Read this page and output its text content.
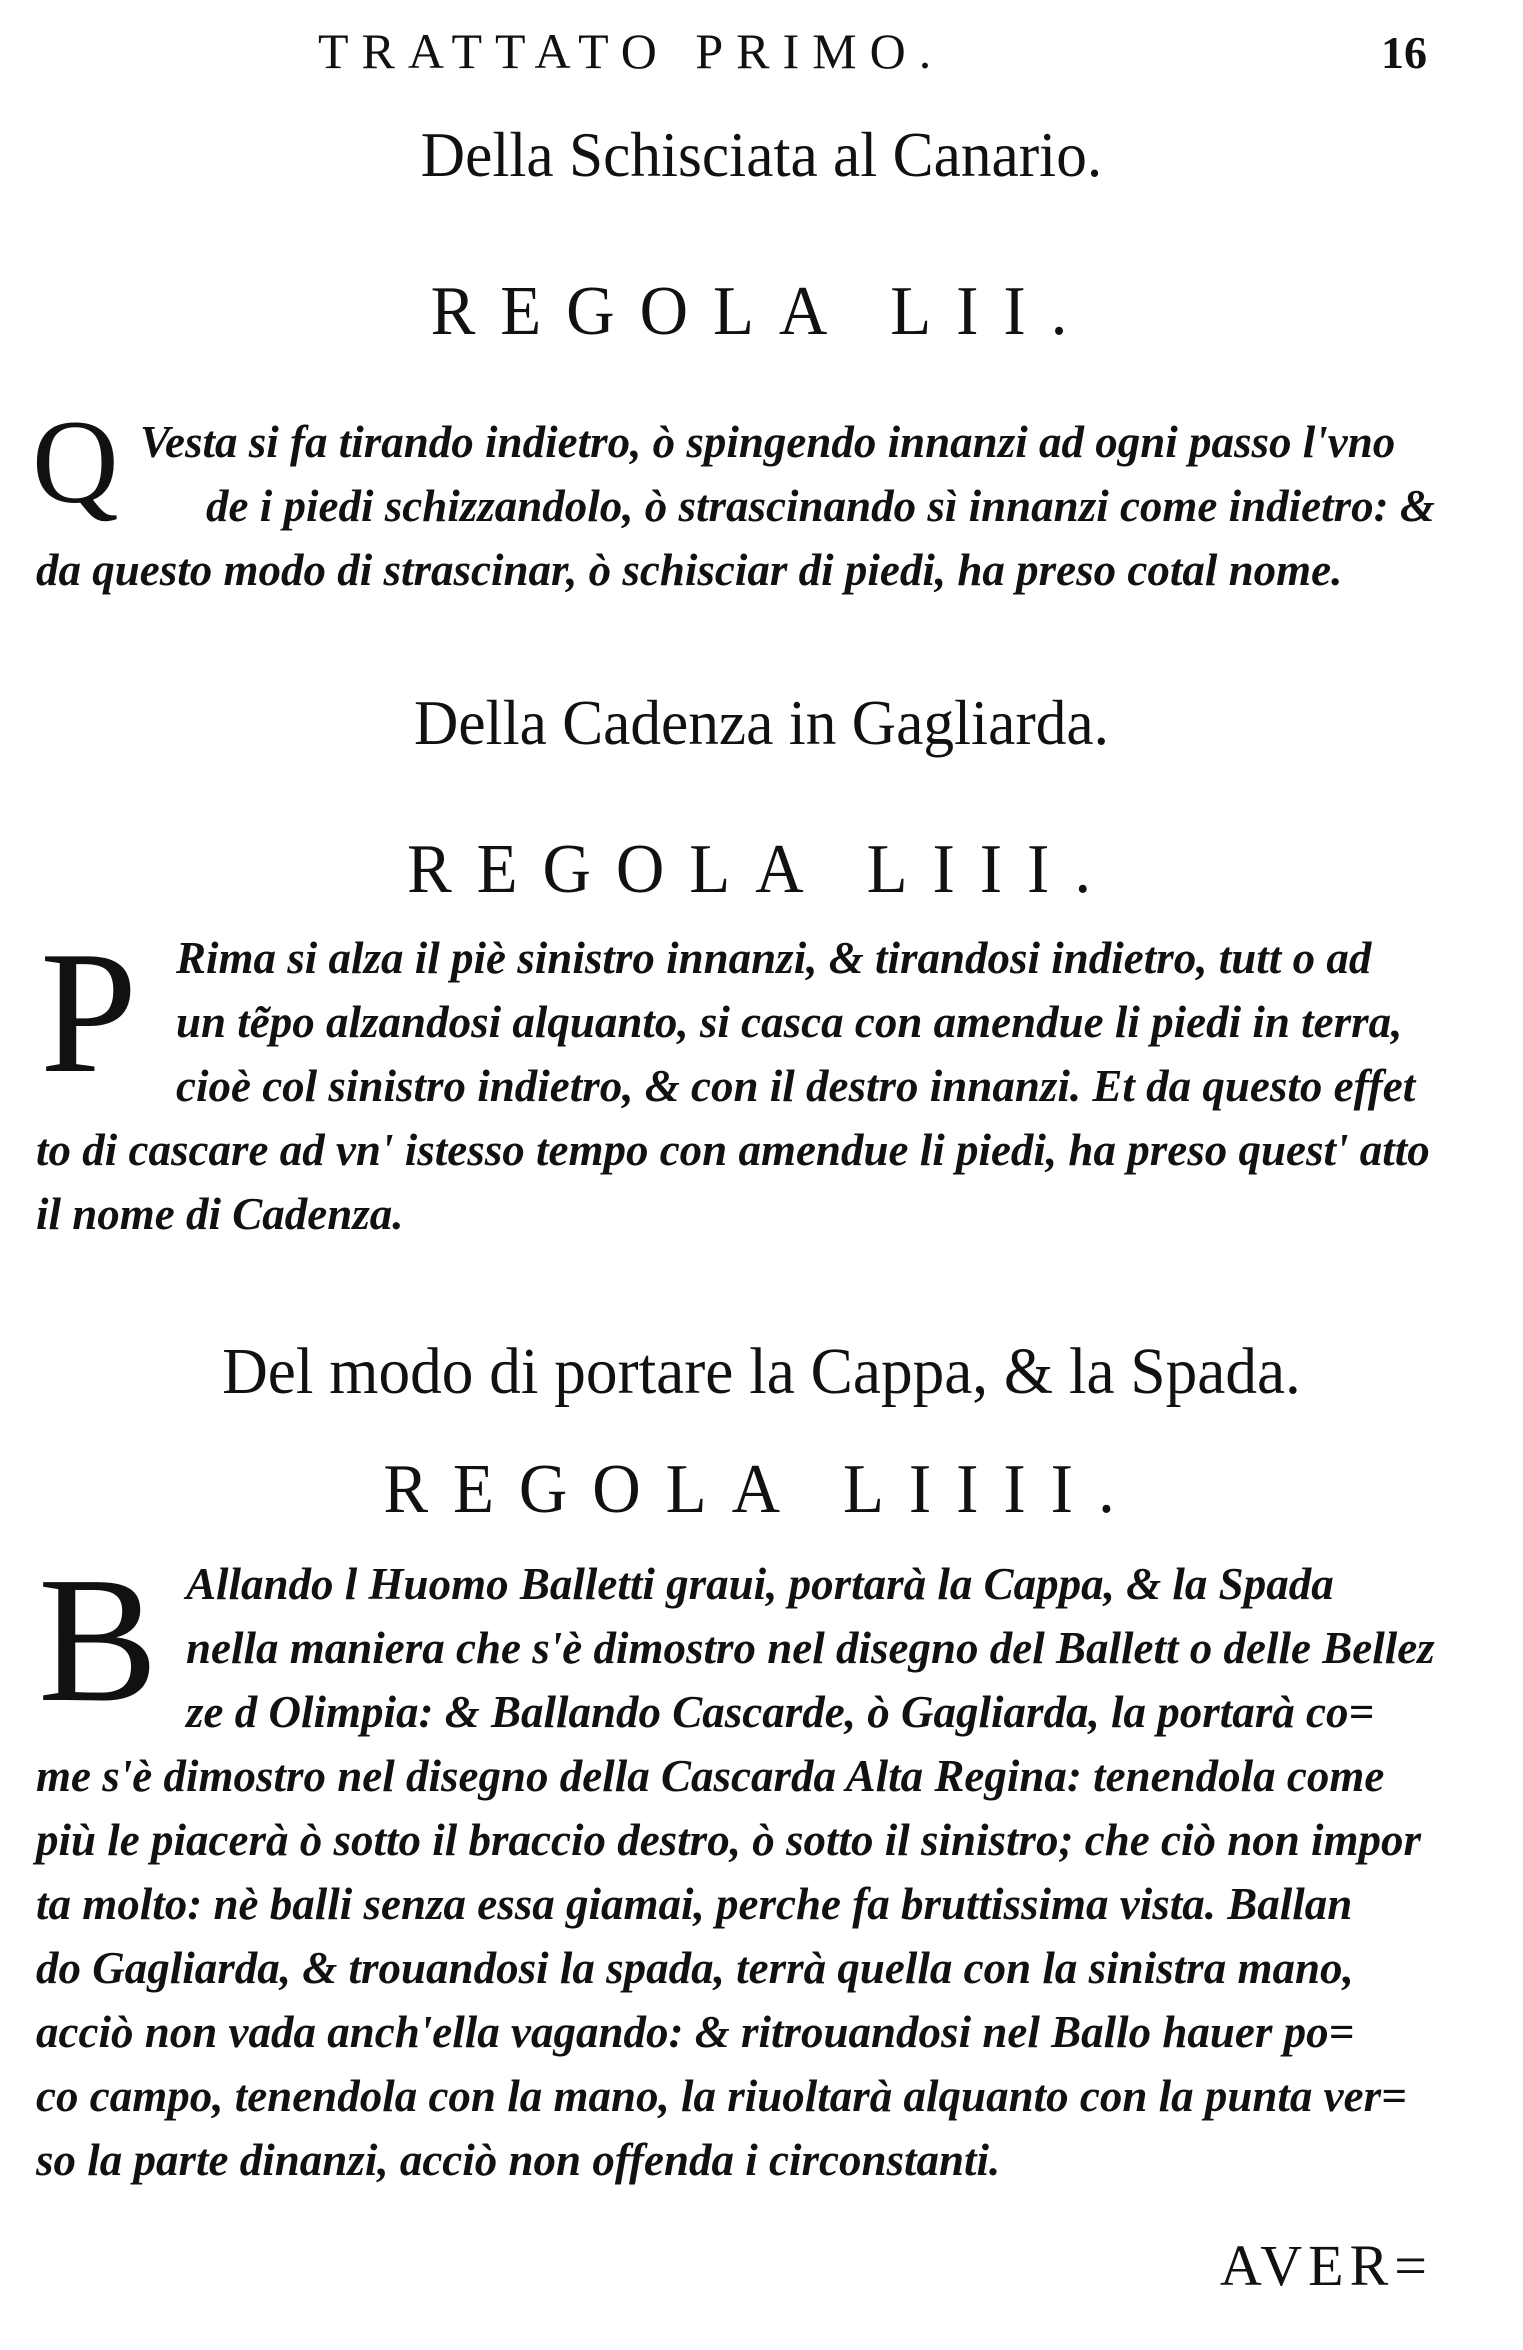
TRATTATO PRIMO.	16
Della Schisciata al Canario.
REGOLA LII.
Q Vesta si fa tirando indietro, ò spingendo innanzi ad ogni passo l'vno
de i piedi schizzandolo, ò strascinando sì innanzi come indietro: &
da questo modo di strascinar, ò schisciar di piedi, ha preso cotal nome.
Della Cadenza in Gagliarda.
REGOLA LIII.
P Rima si alza il piè sinistro innanzi, & tirandosi indietro, tutt o ad
un tẽpo alzandosi alquanto, si casca con amendue li piedi in terra,
cioè col sinistro indietro, & con il destro innanzi. Et da questo effet
to di cascare ad vn' istesso tempo con amendue li piedi, ha preso quest' atto
il nome di Cadenza.
Del modo di portare la Cappa, & la Spada.
REGOLA LIIII.
B Allando l Huomo Balletti graui, portarà la Cappa, & la Spada
nella maniera che s'è dimostro nel disegno del Ballett o delle Bellez
ze d Olimpia: & Ballando Cascarde, ò Gagliarda, la portarà co=
me s'è dimostro nel disegno della Cascarda Alta Regina: tenendola come
più le piacerà ò sotto il braccio destro, ò sotto il sinistro; che ciò non impor
ta molto: nè balli senza essa giamai, perche fa bruttissima vista. Ballan
do Gagliarda, & trouandosi la spada, terrà quella con la sinistra mano,
acciò non vada anch'ella vagando: & ritrouandosi nel Ballo hauer po=
co campo, tenendola con la mano, la riuoltarà alquanto con la punta ver=
so la parte dinanzi, acciò non offenda i circonstanti.
AVER=
